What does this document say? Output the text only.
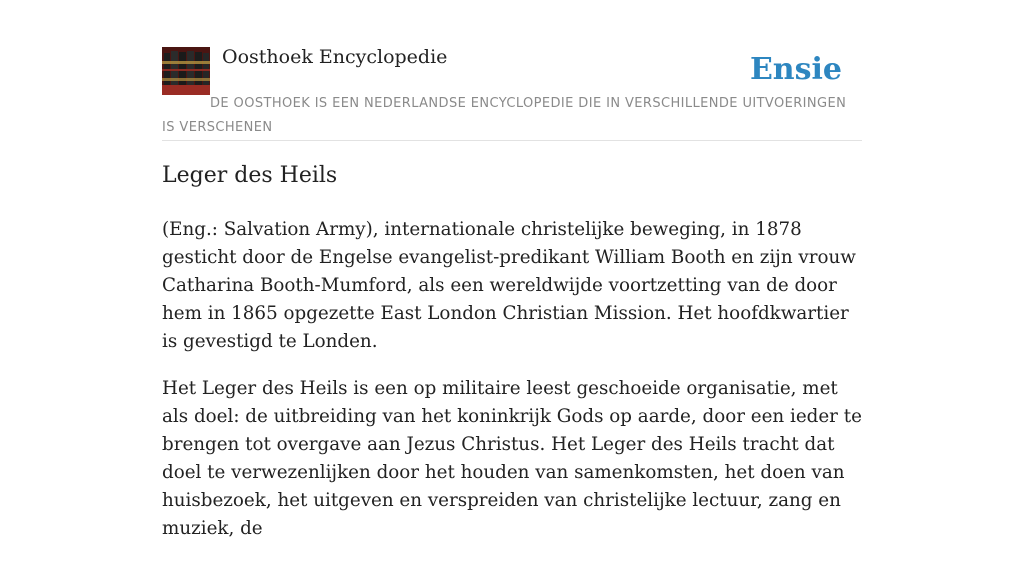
Oosthoek Encyclopedie	Ensie
DE OOSTHOEK IS EEN NEDERLANDSE ENCYCLOPEDIE DIE IN VERSCHILLENDE UITVOERINGEN IS VERSCHENEN
Leger des Heils

(Eng.: Salvation Army), internationale christelijke beweging, in 1878 gesticht door de Engelse evangelist-predikant William Booth en zijn vrouw Catharina Booth-Mumford, als een wereldwijde voortzetting van de door hem in 1865 opgezette East London Christian Mission. Het hoofdkwartier is gevestigd te Londen.

Het Leger des Heils is een op militaire leest geschoeide organisatie, met als doel: de uitbreiding van het koninkrijk Gods op aarde, door een ieder te brengen tot overgave aan Jezus Christus. Het Leger des Heils tracht dat doel te verwezenlijken door het houden van samenkomsten, het doen van huisbezoek, het uitgeven en verspreiden van christelijke lectuur, zang en muziek, de
